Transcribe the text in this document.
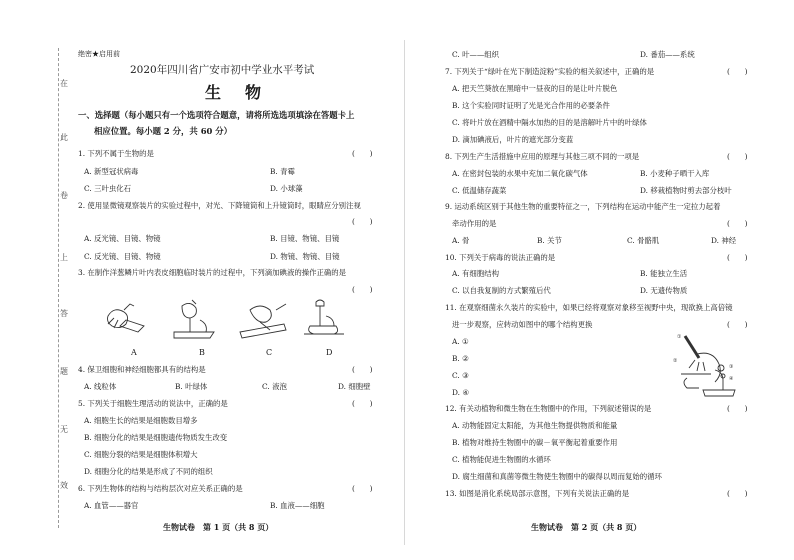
在
此
卷
上
答
题
无
效
绝密★启用前
2020年四川省广安市初中学业水平考试
生　物
一、选择题（每小题只有一个选项符合题意，请将所选选项填涂在答题卡上
相应位置。每小题 2 分，共 60 分）
1. 下列不属于生物的是	(　　)
A. 新型冠状病毒	B. 青霉
C. 三叶虫化石	D. 小球藻
2. 使用显微镜观察装片的实验过程中，对光、下降镜筒和上升镜筒时，眼睛应分别注视
(　　)
A. 反光镜、目镜、物镜	B. 目镜、物镜、目镜
C. 反光镜、目镜、物镜	D. 物镜、物镜、目镜
3. 在制作洋葱鳞片叶内表皮细胞临时装片的过程中，下列滴加碘液的操作正确的是
(　　)
A	B	C	D
4. 保卫细胞和神经细胞都具有的结构是	(　　)
A. 线粒体	B. 叶绿体	C. 液泡	D. 细胞壁
5. 下列关于细胞生理活动的说法中，正确的是	(　　)
A. 细胞生长的结果是细胞数目增多
B. 细胞分化的结果是细胞遗传物质发生改变
C. 细胞分裂的结果是细胞体积增大
D. 细胞分化的结果是形成了不同的组织
6. 下列生物体的结构与结构层次对应关系正确的是	(　　)
A. 血管——器官	B. 血液——细胞
生物试卷　第 1 页（共 8 页）
C. 叶——组织	D. 番茄——系统
7. 下列关于“绿叶在光下制造淀粉”实验的相关叙述中，正确的是	(　　)
A. 把天竺葵放在黑暗中一昼夜的目的是让叶片脱色
B. 这个实验同时证明了光是光合作用的必要条件
C. 将叶片放在酒精中隔水加热的目的是溶解叶片中的叶绿体
D. 滴加碘液后，叶片的遮光部分变蓝
8. 下列生产生活措施中应用的原理与其他三项不同的一项是	(　　)
A. 在密封包装的水果中充加二氧化碳气体	B. 小麦种子晒干入库
C. 低温储存蔬菜	D. 移栽植物时剪去部分枝叶
9. 运动系统区别于其他生物的重要特征之一，下列结构在运动中能产生一定拉力起着
牵动作用的是	(　　)
A. 骨	B. 关节	C. 骨骼肌	D. 神经
10. 下列关于病毒的说法正确的是	(　　)
A. 有细胞结构	B. 能独立生活
C. 以自我复制的方式繁殖后代	D. 无遗传物质
11. 在观察细菌永久装片的实验中，如果已经将观察对象移至视野中央，现欲换上高倍镜
进一步观察，应转动如图中的哪个结构更换	(　　)
A. ①
B. ②
C. ③
D. ④
①
②
③
④
12. 有关动植物和微生物在生物圈中的作用，下列叙述错误的是	(　　)
A. 动物能固定太阳能，为其他生物提供物质和能量
B. 植物对维持生物圈中的碳－氧平衡起着重要作用
C. 植物能促进生物圈的水循环
D. 腐生细菌和真菌等微生物使生物圈中的碳得以周而复始的循环
13. 如图是消化系统局部示意图，下列有关说法正确的是	(　　)
生物试卷　第 2 页（共 8 页）
